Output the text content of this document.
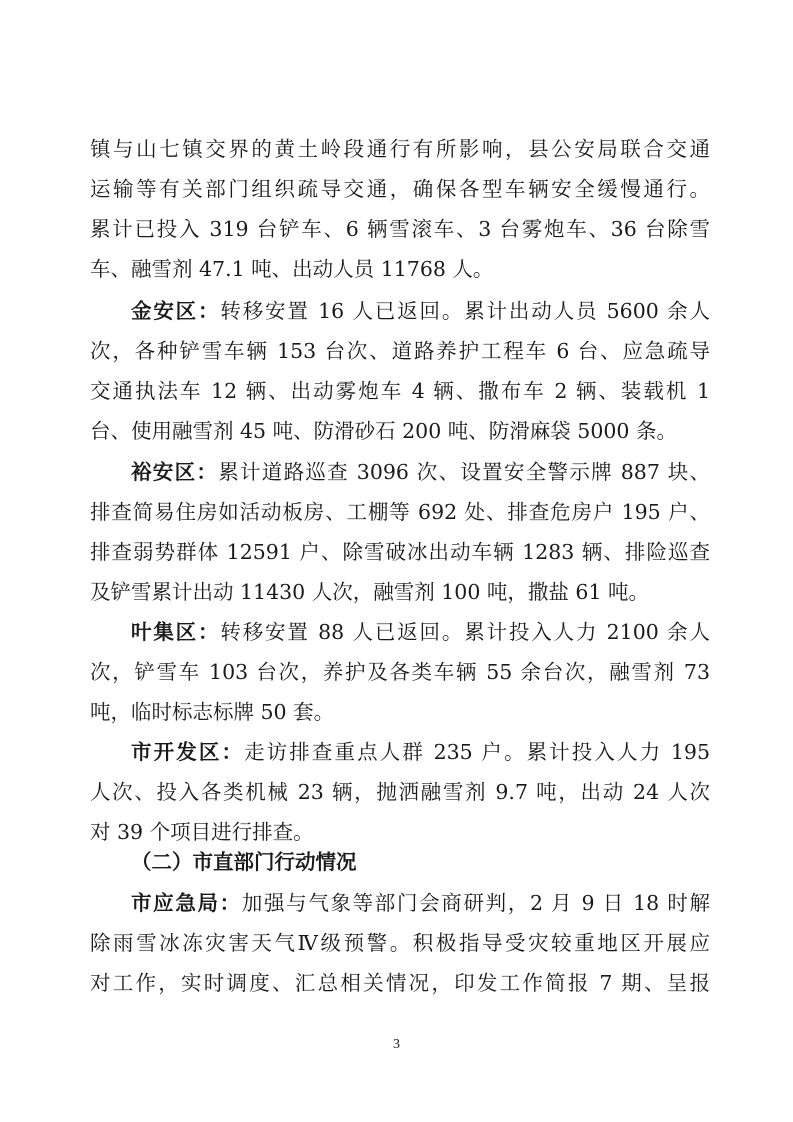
镇与山七镇交界的黄土岭段通行有所影响，县公安局联合交通
运输等有关部门组织疏导交通，确保各型车辆安全缓慢通行。
累计已投入 319 台铲车、6 辆雪滚车、3 台雾炮车、36 台除雪
车、融雪剂 47.1 吨、出动人员 11768 人。
金安区：转移安置 16 人已返回。累计出动人员 5600 余人
次，各种铲雪车辆 153 台次、道路养护工程车 6 台、应急疏导
交通执法车 12 辆、出动雾炮车 4 辆、撒布车 2 辆、装载机 1
台、使用融雪剂 45 吨、防滑砂石 200 吨、防滑麻袋 5000 条。
裕安区：累计道路巡查 3096 次、设置安全警示牌 887 块、
排查简易住房如活动板房、工棚等 692 处、排查危房户 195 户、
排查弱势群体 12591 户、除雪破冰出动车辆 1283 辆、排险巡查
及铲雪累计出动 11430 人次，融雪剂 100 吨，撒盐 61 吨。
叶集区：转移安置 88 人已返回。累计投入人力 2100 余人
次，铲雪车 103 台次，养护及各类车辆 55 余台次，融雪剂 73
吨，临时标志标牌 50 套。
市开发区：走访排查重点人群 235 户。累计投入人力 195
人次、投入各类机械 23 辆，抛洒融雪剂 9.7 吨，出动 24 人次
对 39 个项目进行排查。
（二）市直部门行动情况
市应急局：加强与气象等部门会商研判，2 月 9 日 18 时解
除雨雪冰冻灾害天气Ⅳ级预警。积极指导受灾较重地区开展应
对工作，实时调度、汇总相关情况，印发工作简报 7 期、呈报
3
